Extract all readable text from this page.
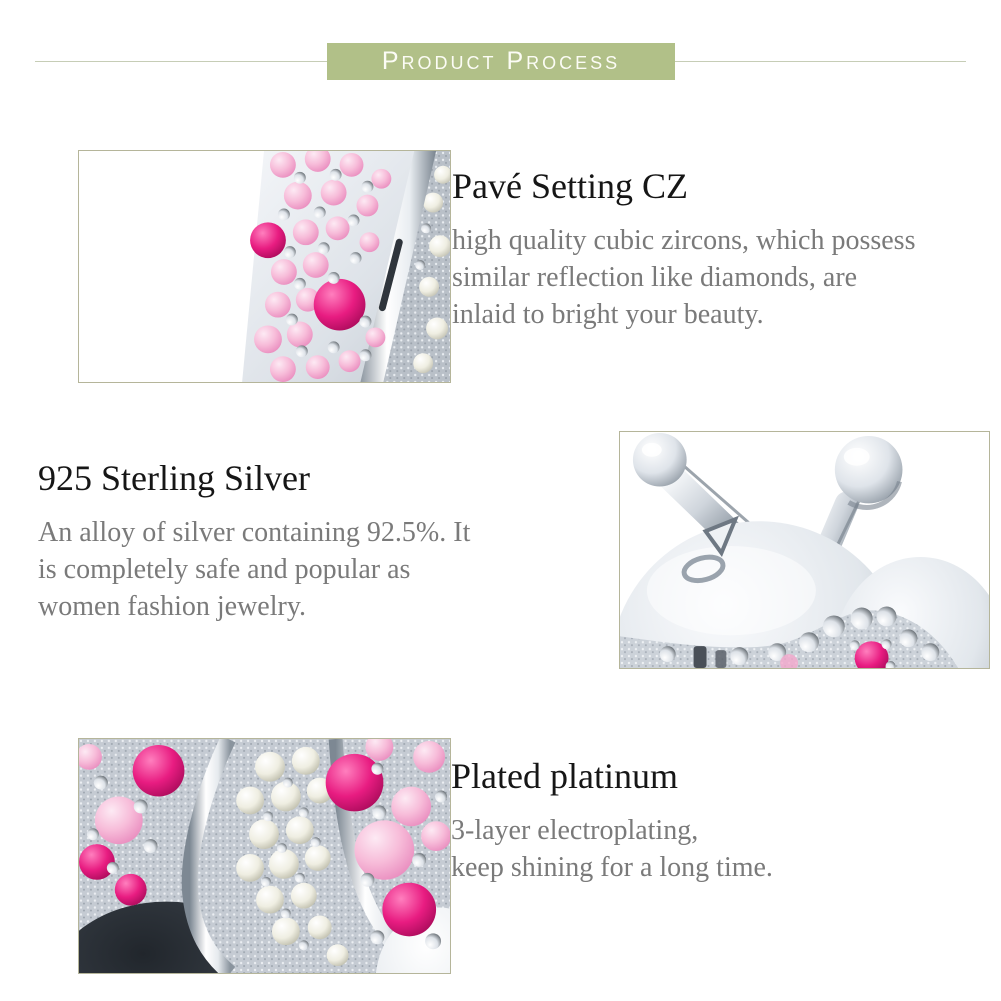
Product Process
Pavé Setting CZ

high quality cubic zircons, which possess
similar reflection like diamonds, are
inlaid to bright your beauty.

925 Sterling Silver

An alloy of silver containing 92.5%. It
is completely safe and popular as
women fashion jewelry.

Plated platinum

3-layer electroplating,
keep shining for a long time.
